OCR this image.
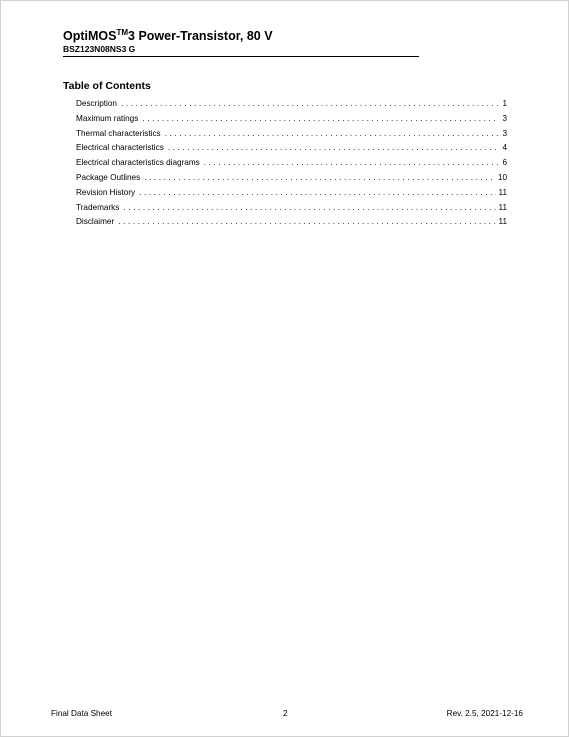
OptiMOS™3 Power-Transistor, 80 V
BSZ123N08NS3 G
Table of Contents
Description .....	1
Maximum ratings .....	3
Thermal characteristics .....	3
Electrical characteristics .....	4
Electrical characteristics diagrams .....	6
Package Outlines .....	10
Revision History .....	11
Trademarks .....	11
Disclaimer .....	11
Final Data Sheet	2	Rev. 2.5, 2021-12-16
